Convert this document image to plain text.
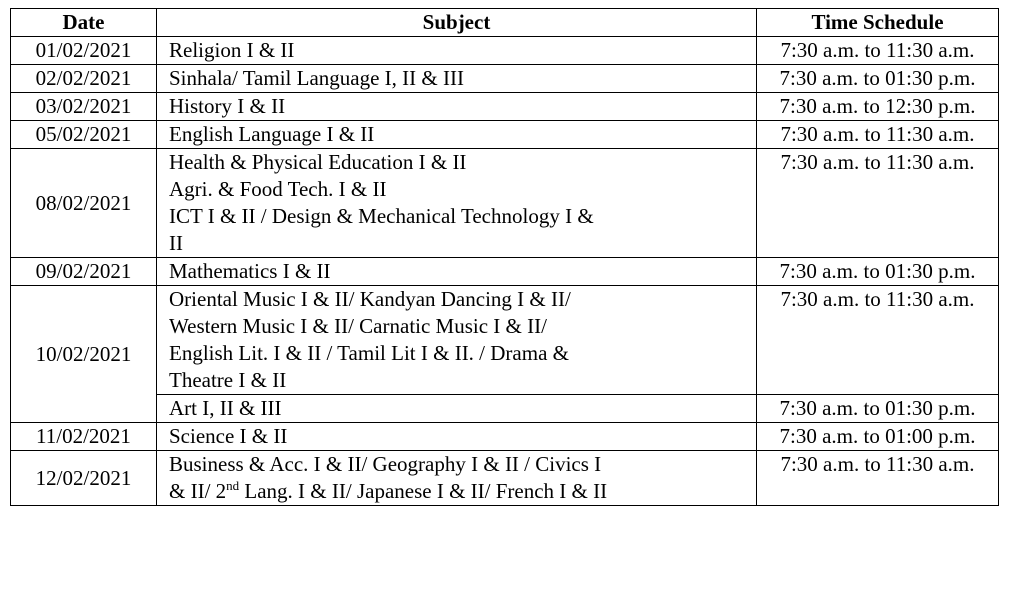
Date	Subject	Time Schedule
01/02/2021	Religion I & II	7:30 a.m. to 11:30 a.m.
02/02/2021	Sinhala/ Tamil Language I, II & III	7:30 a.m. to 01:30 p.m.
03/02/2021	History I & II	7:30 a.m. to 12:30 p.m.
05/02/2021	English Language I & II	7:30 a.m. to 11:30 a.m.
08/02/2021	Health & Physical Education I & II
Agri. & Food Tech. I & II
ICT I & II / Design & Mechanical Technology I &
II	7:30 a.m. to 11:30 a.m.
09/02/2021	Mathematics I & II	7:30 a.m. to 01:30 p.m.
10/02/2021	Oriental Music I & II/ Kandyan Dancing I & II/
Western Music I & II/ Carnatic Music I & II/
English Lit. I & II / Tamil Lit I & II. / Drama &
Theatre I & II	7:30 a.m. to 11:30 a.m.

	Art I, II & III	7:30 a.m. to 01:30 p.m.
11/02/2021	Science I & II	7:30 a.m. to 01:00 p.m.
12/02/2021	Business & Acc. I & II/ Geography I & II / Civics I
& II/ 2nd Lang. I & II/ Japanese I & II/ French I & II	7:30 a.m. to 11:30 a.m.
